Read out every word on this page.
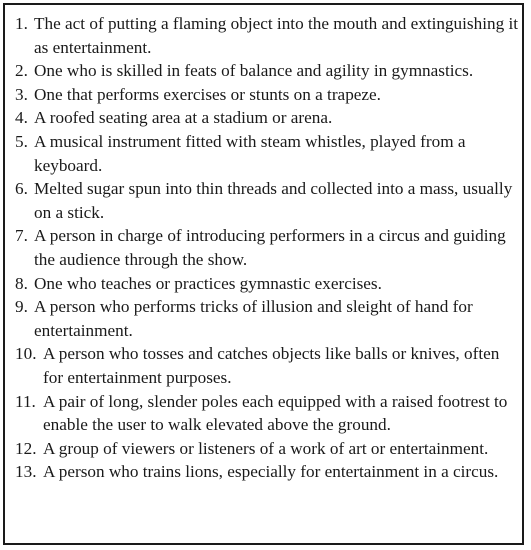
1. The act of putting a flaming object into the mouth and extinguishing it as entertainment.
2. One who is skilled in feats of balance and agility in gymnastics.
3. One that performs exercises or stunts on a trapeze.
4. A roofed seating area at a stadium or arena.
5. A musical instrument fitted with steam whistles, played from a keyboard.
6. Melted sugar spun into thin threads and collected into a mass, usually on a stick.
7. A person in charge of introducing performers in a circus and guiding the audience through the show.
8. One who teaches or practices gymnastic exercises.
9. A person who performs tricks of illusion and sleight of hand for entertainment.
10. A person who tosses and catches objects like balls or knives, often for entertainment purposes.
11. A pair of long, slender poles each equipped with a raised footrest to enable the user to walk elevated above the ground.
12. A group of viewers or listeners of a work of art or entertainment.
13. A person who trains lions, especially for entertainment in a circus.
